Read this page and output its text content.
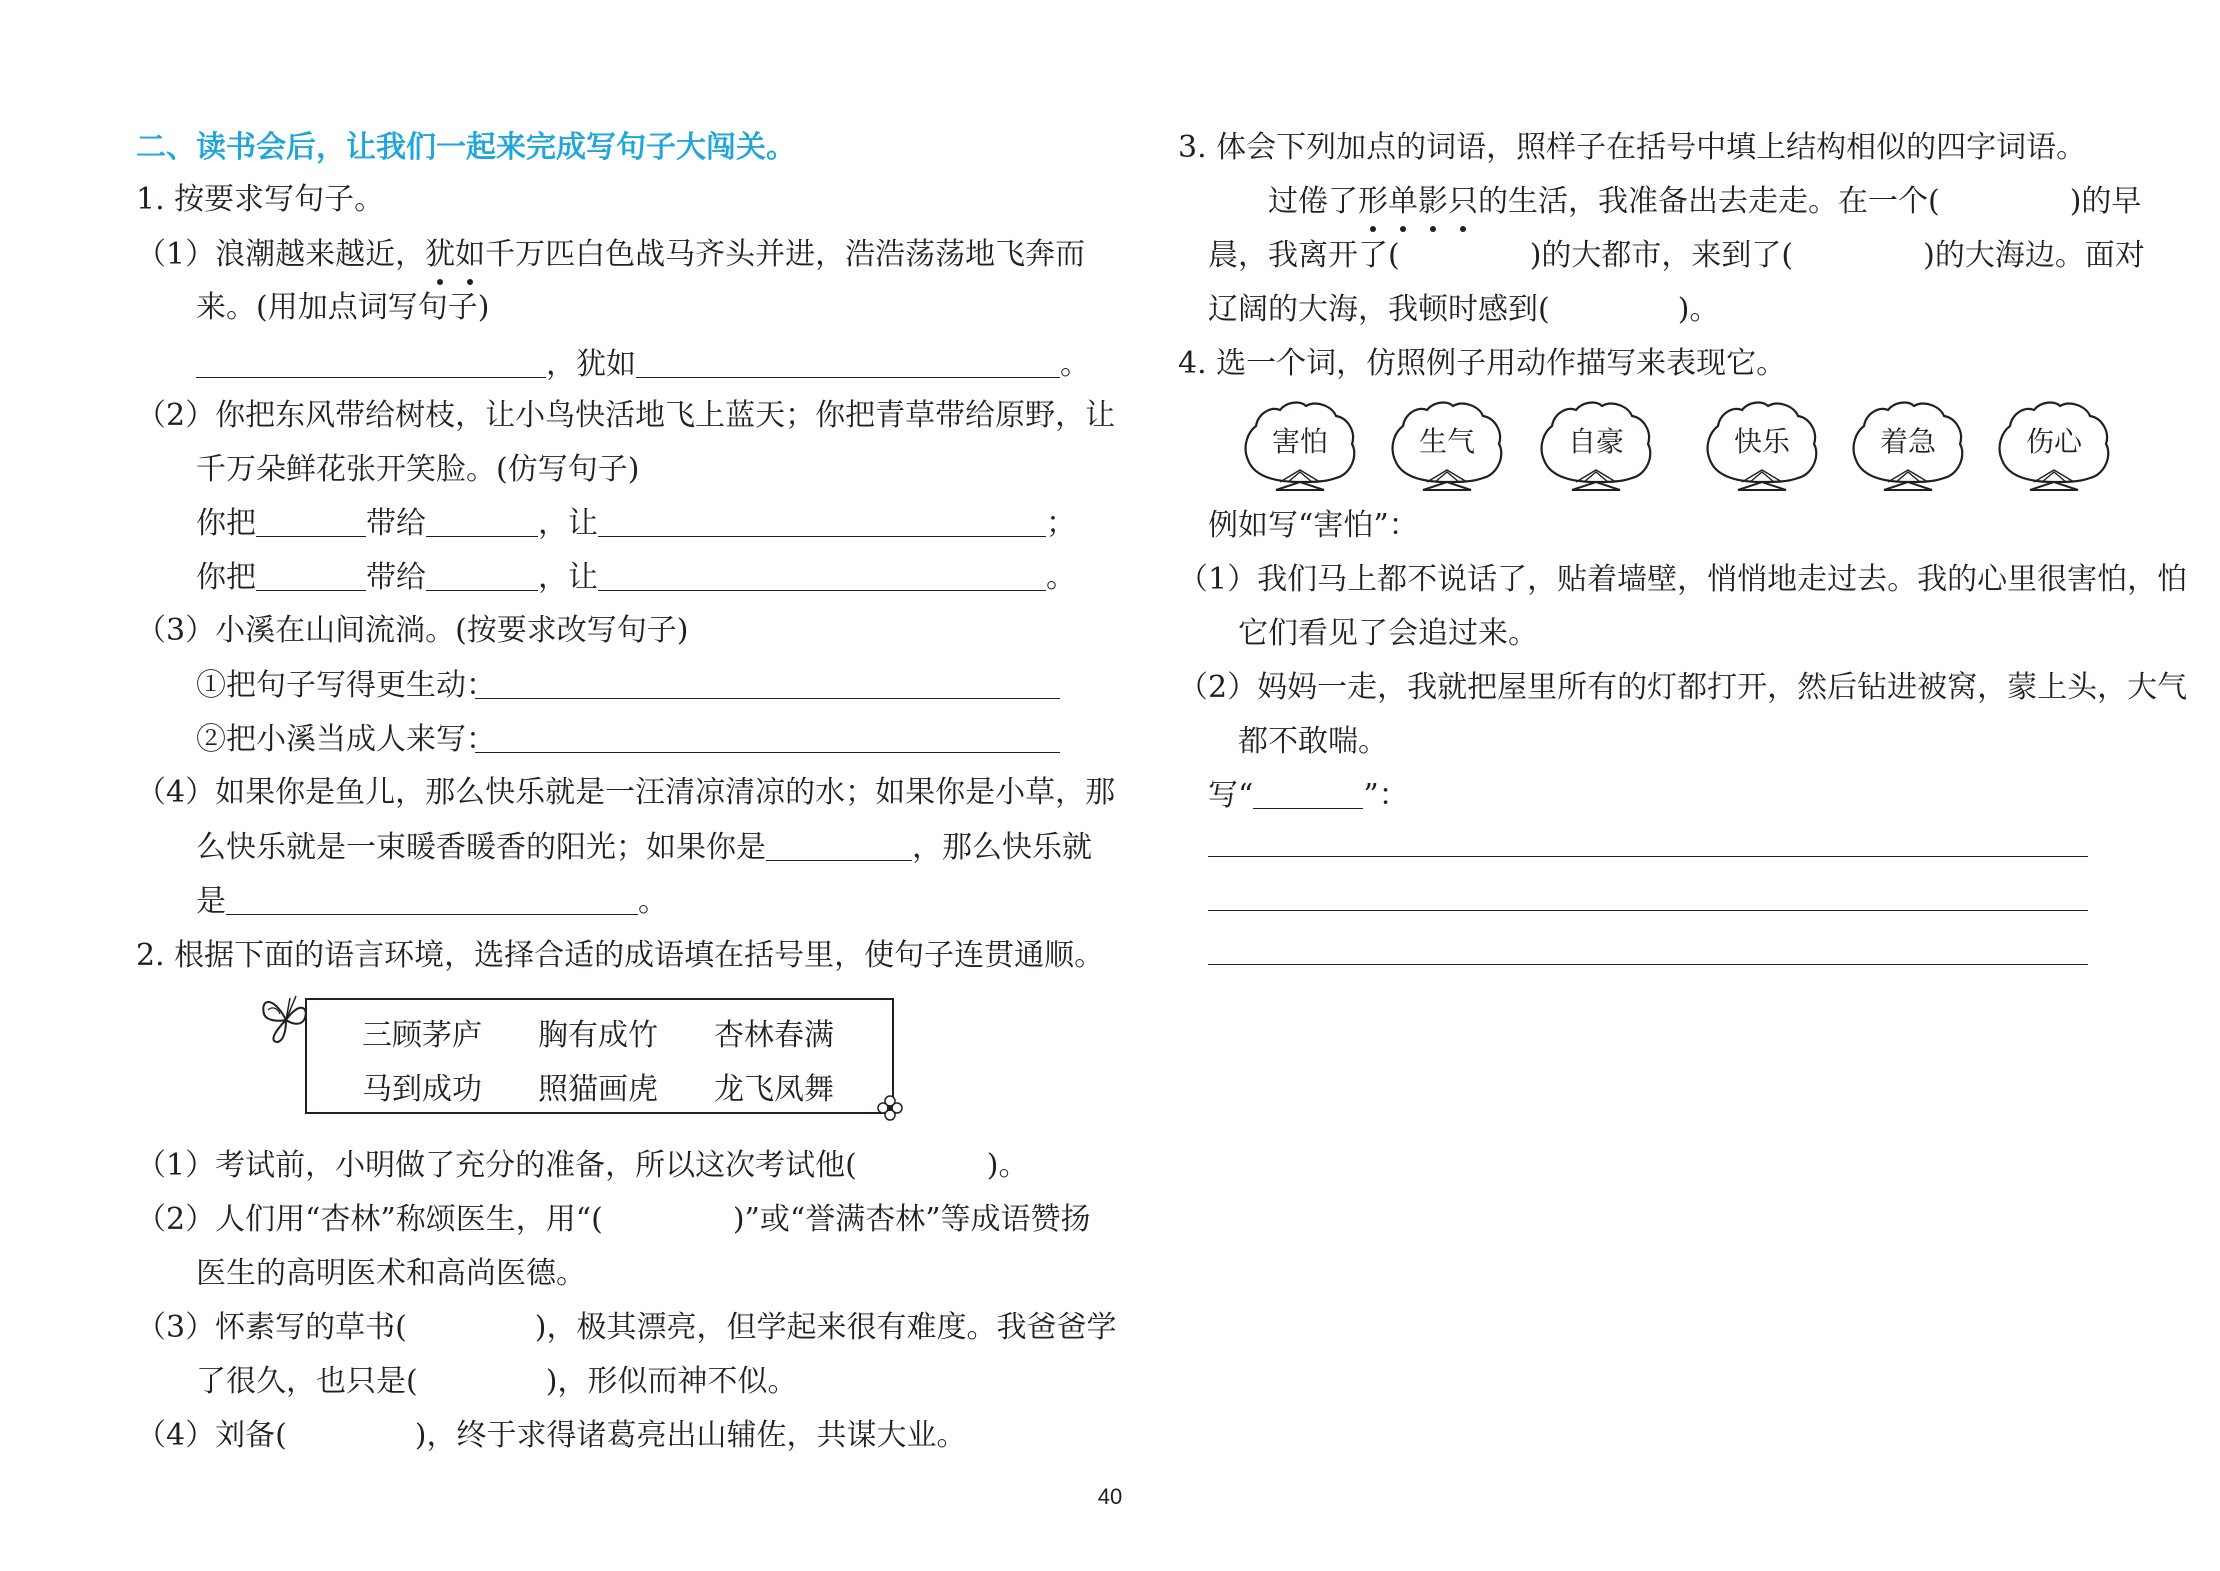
二、读书会后，让我们一起来完成写句子大闯关。
1. 按要求写句子。
（1）浪潮越来越近，犹如千万匹白色战马齐头并进，浩浩荡荡地飞奔而
来。(用加点词写句子)
，犹如	。
（2）你把东风带给树枝，让小鸟快活地飞上蓝天；你把青草带给原野，让
千万朵鲜花张开笑脸。(仿写句子)
你把	带给	，让	；
你把	带给	，让	。
（3）小溪在山间流淌。(按要求改写句子)
①把句子写得更生动：
②把小溪当成人来写：
（4）如果你是鱼儿，那么快乐就是一汪清凉清凉的水；如果你是小草，那
么快乐就是一束暖香暖香的阳光；如果你是	，那么快乐就
是	。
2. 根据下面的语言环境，选择合适的成语填在括号里，使句子连贯通顺。
三顾茅庐 胸有成竹 杏林春满
马到成功 照猫画虎 龙飞凤舞
（1）考试前，小明做了充分的准备，所以这次考试他(	)。
（2）人们用“杏林”称颂医生，用“(	)”或“誉满杏林”等成语赞扬
医生的高明医术和高尚医德。
（3）怀素写的草书(	)，极其漂亮，但学起来很有难度。我爸爸学
了很久，也只是(	)，形似而神不似。
（4）刘备(	)，终于求得诸葛亮出山辅佐，共谋大业。
3. 体会下列加点的词语，照样子在括号中填上结构相似的四字词语。
过倦了形单影只的生活，我准备出去走走。在一个(	)的早
晨，我离开了(	)的大都市，来到了(	)的大海边。面对
辽阔的大海，我顿时感到(	)。
4. 选一个词，仿照例子用动作描写来表现它。
害怕	生气	自豪	快乐	着急	伤心
例如写“害怕”：
（1）我们马上都不说话了，贴着墙壁，悄悄地走过去。我的心里很害怕，怕
它们看见了会追过来。
（2）妈妈一走，我就把屋里所有的灯都打开，然后钻进被窝，蒙上头，大气
都不敢喘。
写“	”：
40
